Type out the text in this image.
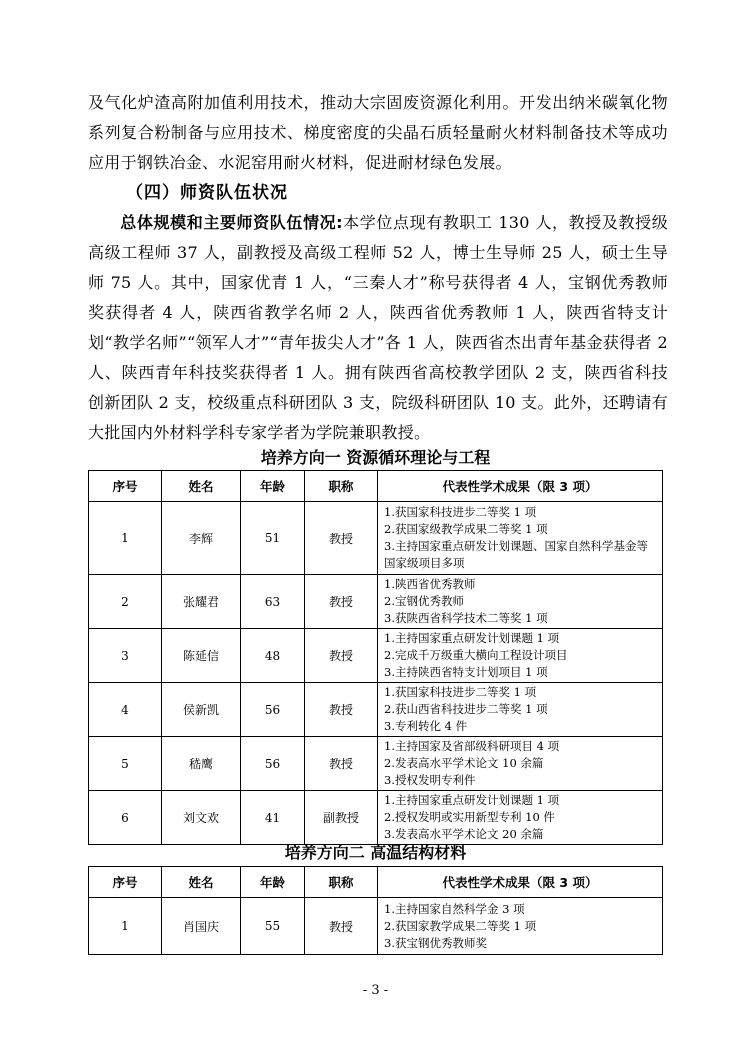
及气化炉渣高附加值利用技术，推动大宗固废资源化利用。开发出纳米碳氧化物系列复合粉制备与应用技术、梯度密度的尖晶石质轻量耐火材料制备技术等成功应用于钢铁冶金、水泥窑用耐火材料，促进耐材绿色发展。
（四）师资队伍状况
总体规模和主要师资队伍情况:本学位点现有教职工 130 人，教授及教授级高级工程师 37 人，副教授及高级工程师 52 人，博士生导师 25 人，硕士生导师 75 人。其中，国家优青 1 人，“三秦人才”称号获得者 4 人，宝钢优秀教师奖获得者 4 人，陕西省教学名师 2 人，陕西省优秀教师 1 人，陕西省特支计划“教学名师”“领军人才”“青年拔尖人才”各 1 人，陕西省杰出青年基金获得者 2 人、陕西青年科技奖获得者 1 人。拥有陕西省高校教学团队 2 支，陕西省科技创新团队 2 支，校级重点科研团队 3 支，院级科研团队 10 支。此外，还聘请有大批国内外材料学科专家学者为学院兼职教授。
培养方向一 资源循环理论与工程
序号	姓名	年龄	职称	代表性学术成果（限 3 项）
1	李辉	51	教授	1.获国家科技进步二等奖 1 项
2.获国家级教学成果二等奖 1 项
3.主持国家重点研发计划课题、国家自然科学基金等国家级项目多项

2	张耀君	63	教授	1.陕西省优秀教师
2.宝钢优秀教师
3.获陕西省科学技术二等奖 1 项

3	陈延信	48	教授	1.主持国家重点研发计划课题 1 项
2.完成千万级重大横向工程设计项目
3.主持陕西省特支计划项目 1 项

4	侯新凯	56	教授	1.获国家科技进步二等奖 1 项
2.获山西省科技进步二等奖 1 项
3.专利转化 4 件

5	嵇鹰	56	教授	1.主持国家及省部级科研项目 4 项
2.发表高水平学术论文 10 余篇
3.授权发明专利件

6	刘文欢	41	副教授	1.主持国家重点研发计划课题 1 项
2.授权发明或实用新型专利 10 件
3.发表高水平学术论文 20 余篇
培养方向二 高温结构材料
序号	姓名	年龄	职称	代表性学术成果（限 3 项）
1	肖国庆	55	教授	1.主持国家自然科学金 3 项
2.获国家教学成果二等奖 1 项
3.获宝钢优秀教师奖
- 3 -
